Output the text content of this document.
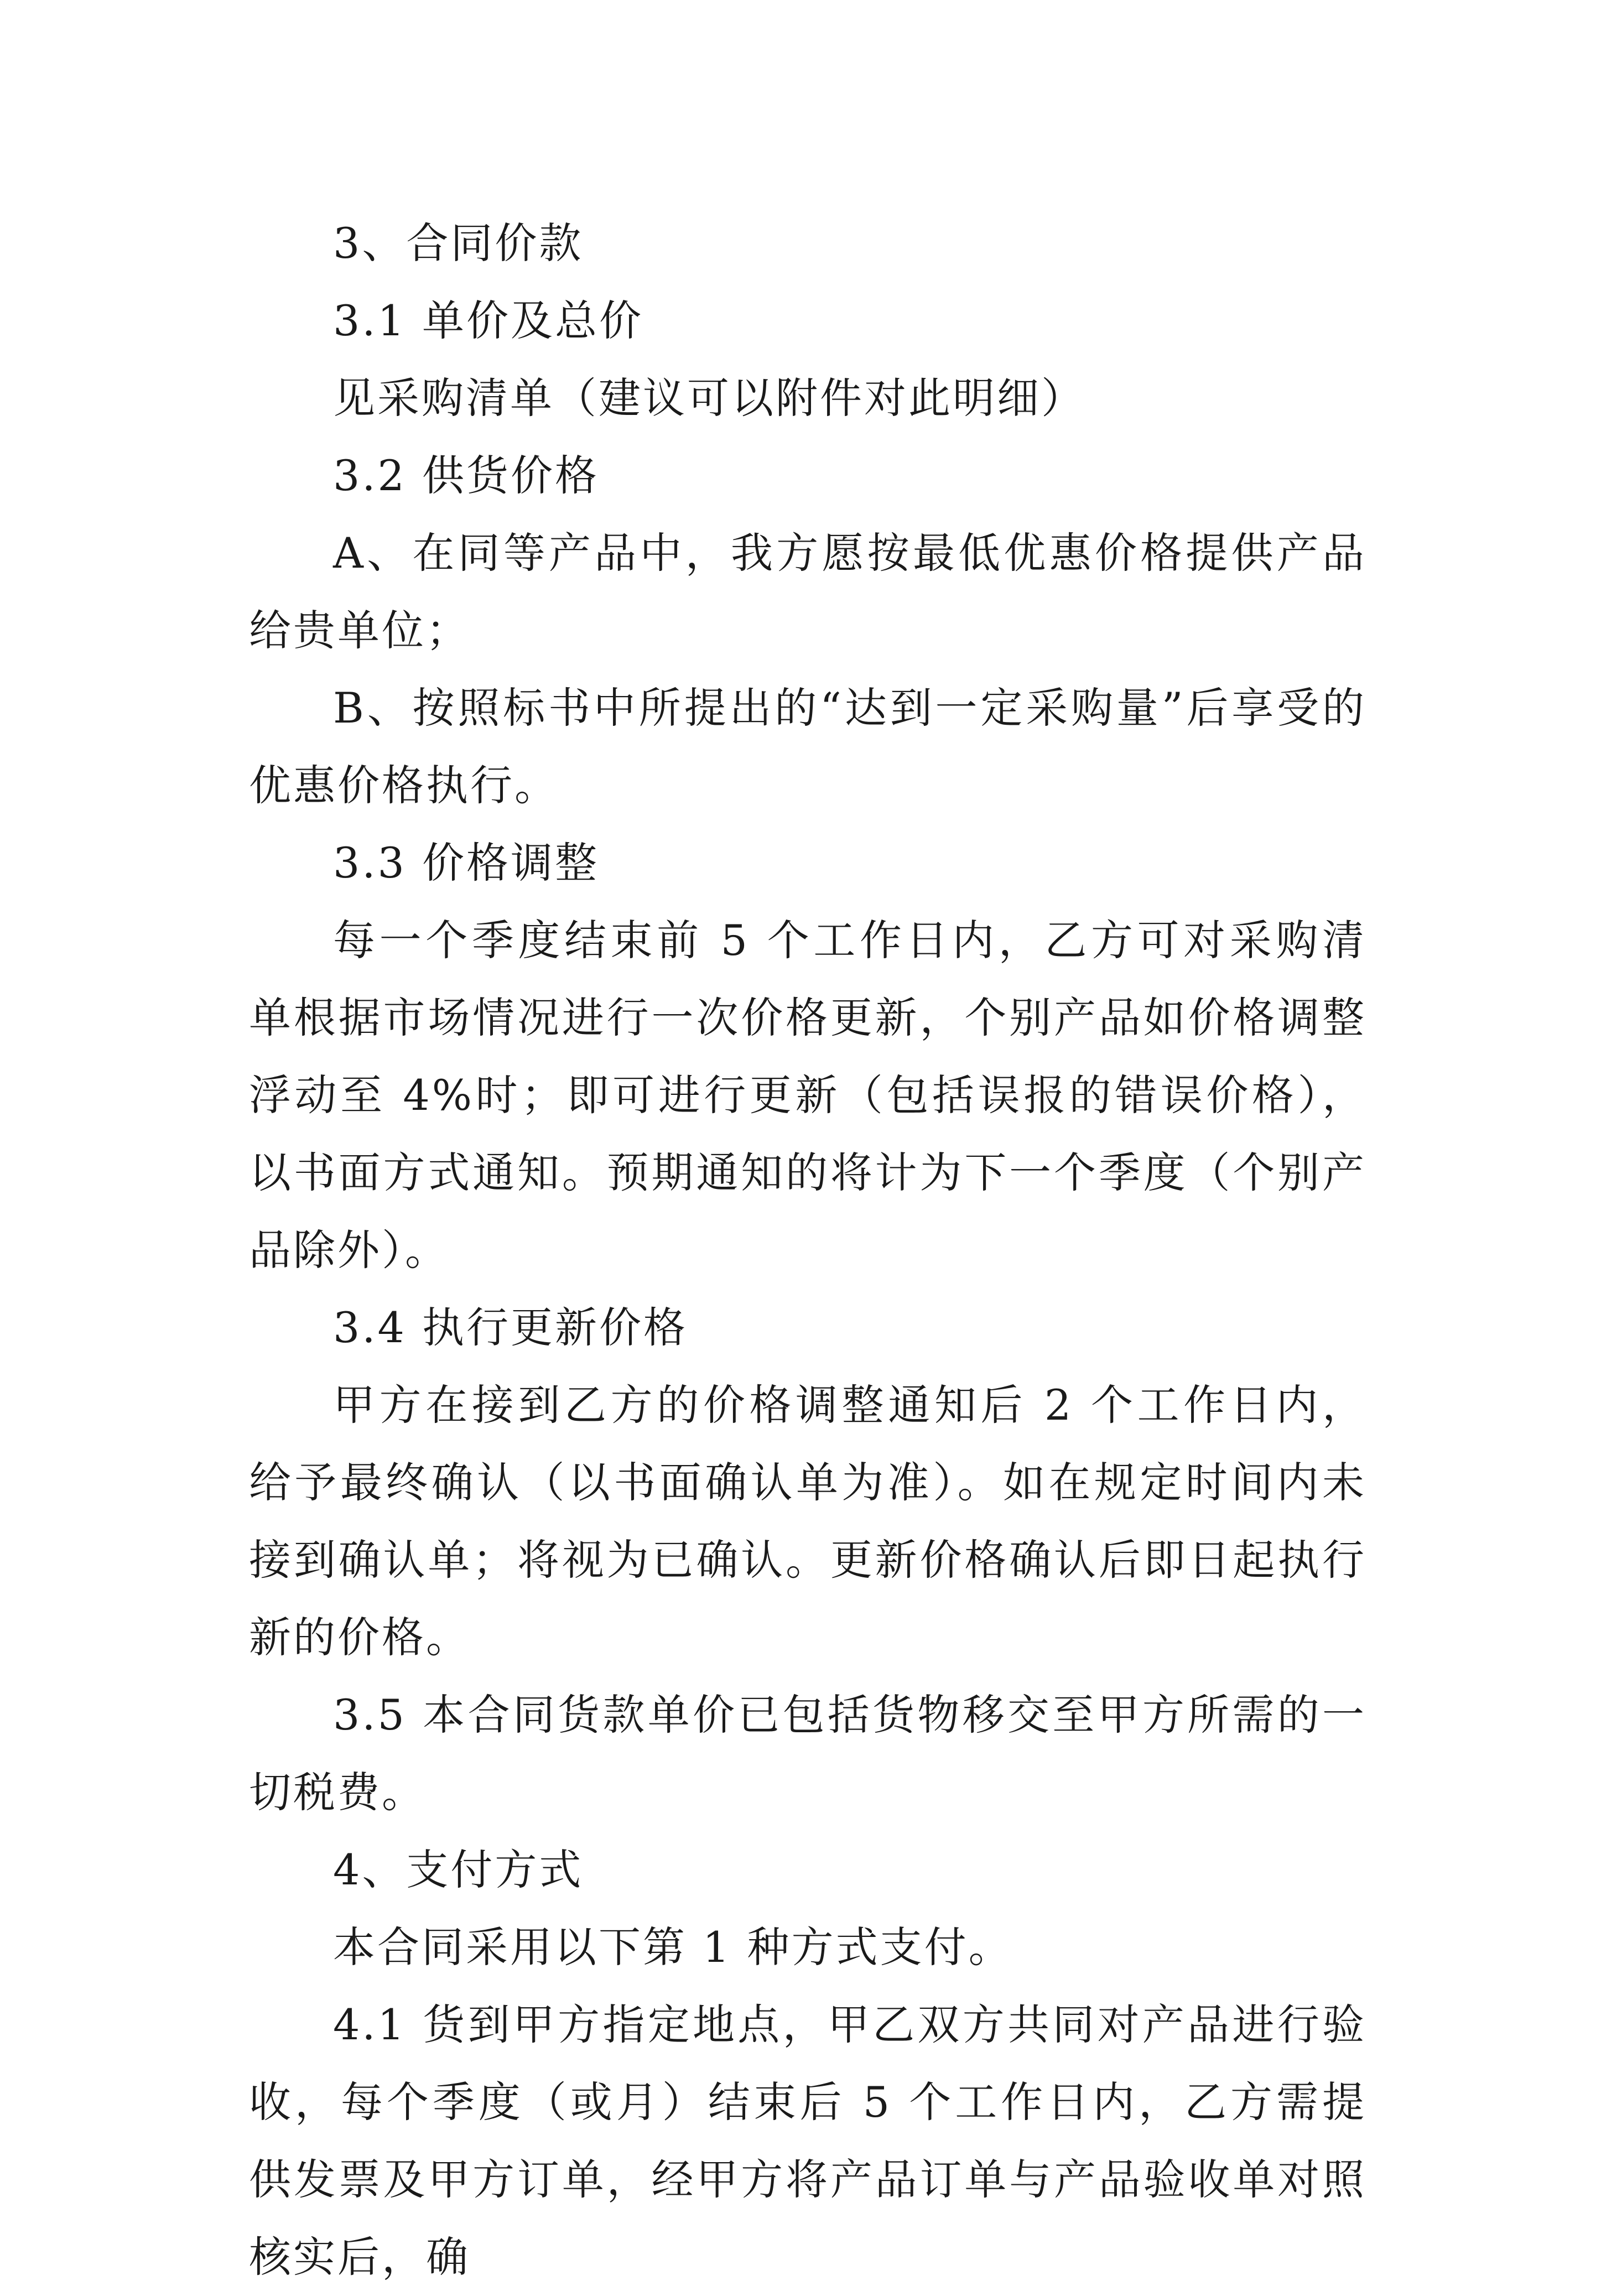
3、合同价款

3.1 单价及总价

见采购清单（建议可以附件对此明细）

3.2 供货价格

A、在同等产品中，我方愿按最低优惠价格提供产品给贵单位；

B、按照标书中所提出的“达到一定采购量”后享受的优惠价格执行。

3.3 价格调整

每一个季度结束前 5 个工作日内，乙方可对采购清单根据市场情况进行一次价格更新，个别产品如价格调整浮动至 4%时；即可进行更新（包括误报的错误价格），以书面方式通知。预期通知的将计为下一个季度（个别产品除外）。

3.4 执行更新价格

甲方在接到乙方的价格调整通知后 2 个工作日内，给予最终确认（以书面确认单为准）。如在规定时间内未接到确认单；将视为已确认。更新价格确认后即日起执行新的价格。

3.5 本合同货款单价已包括货物移交至甲方所需的一切税费。

4、支付方式

本合同采用以下第 1 种方式支付。

4.1 货到甲方指定地点，甲乙双方共同对产品进行验收，每个季度（或月）结束后 5 个工作日内，乙方需提供发票及甲方订单，经甲方将产品订单与产品验收单对照核实后，确
